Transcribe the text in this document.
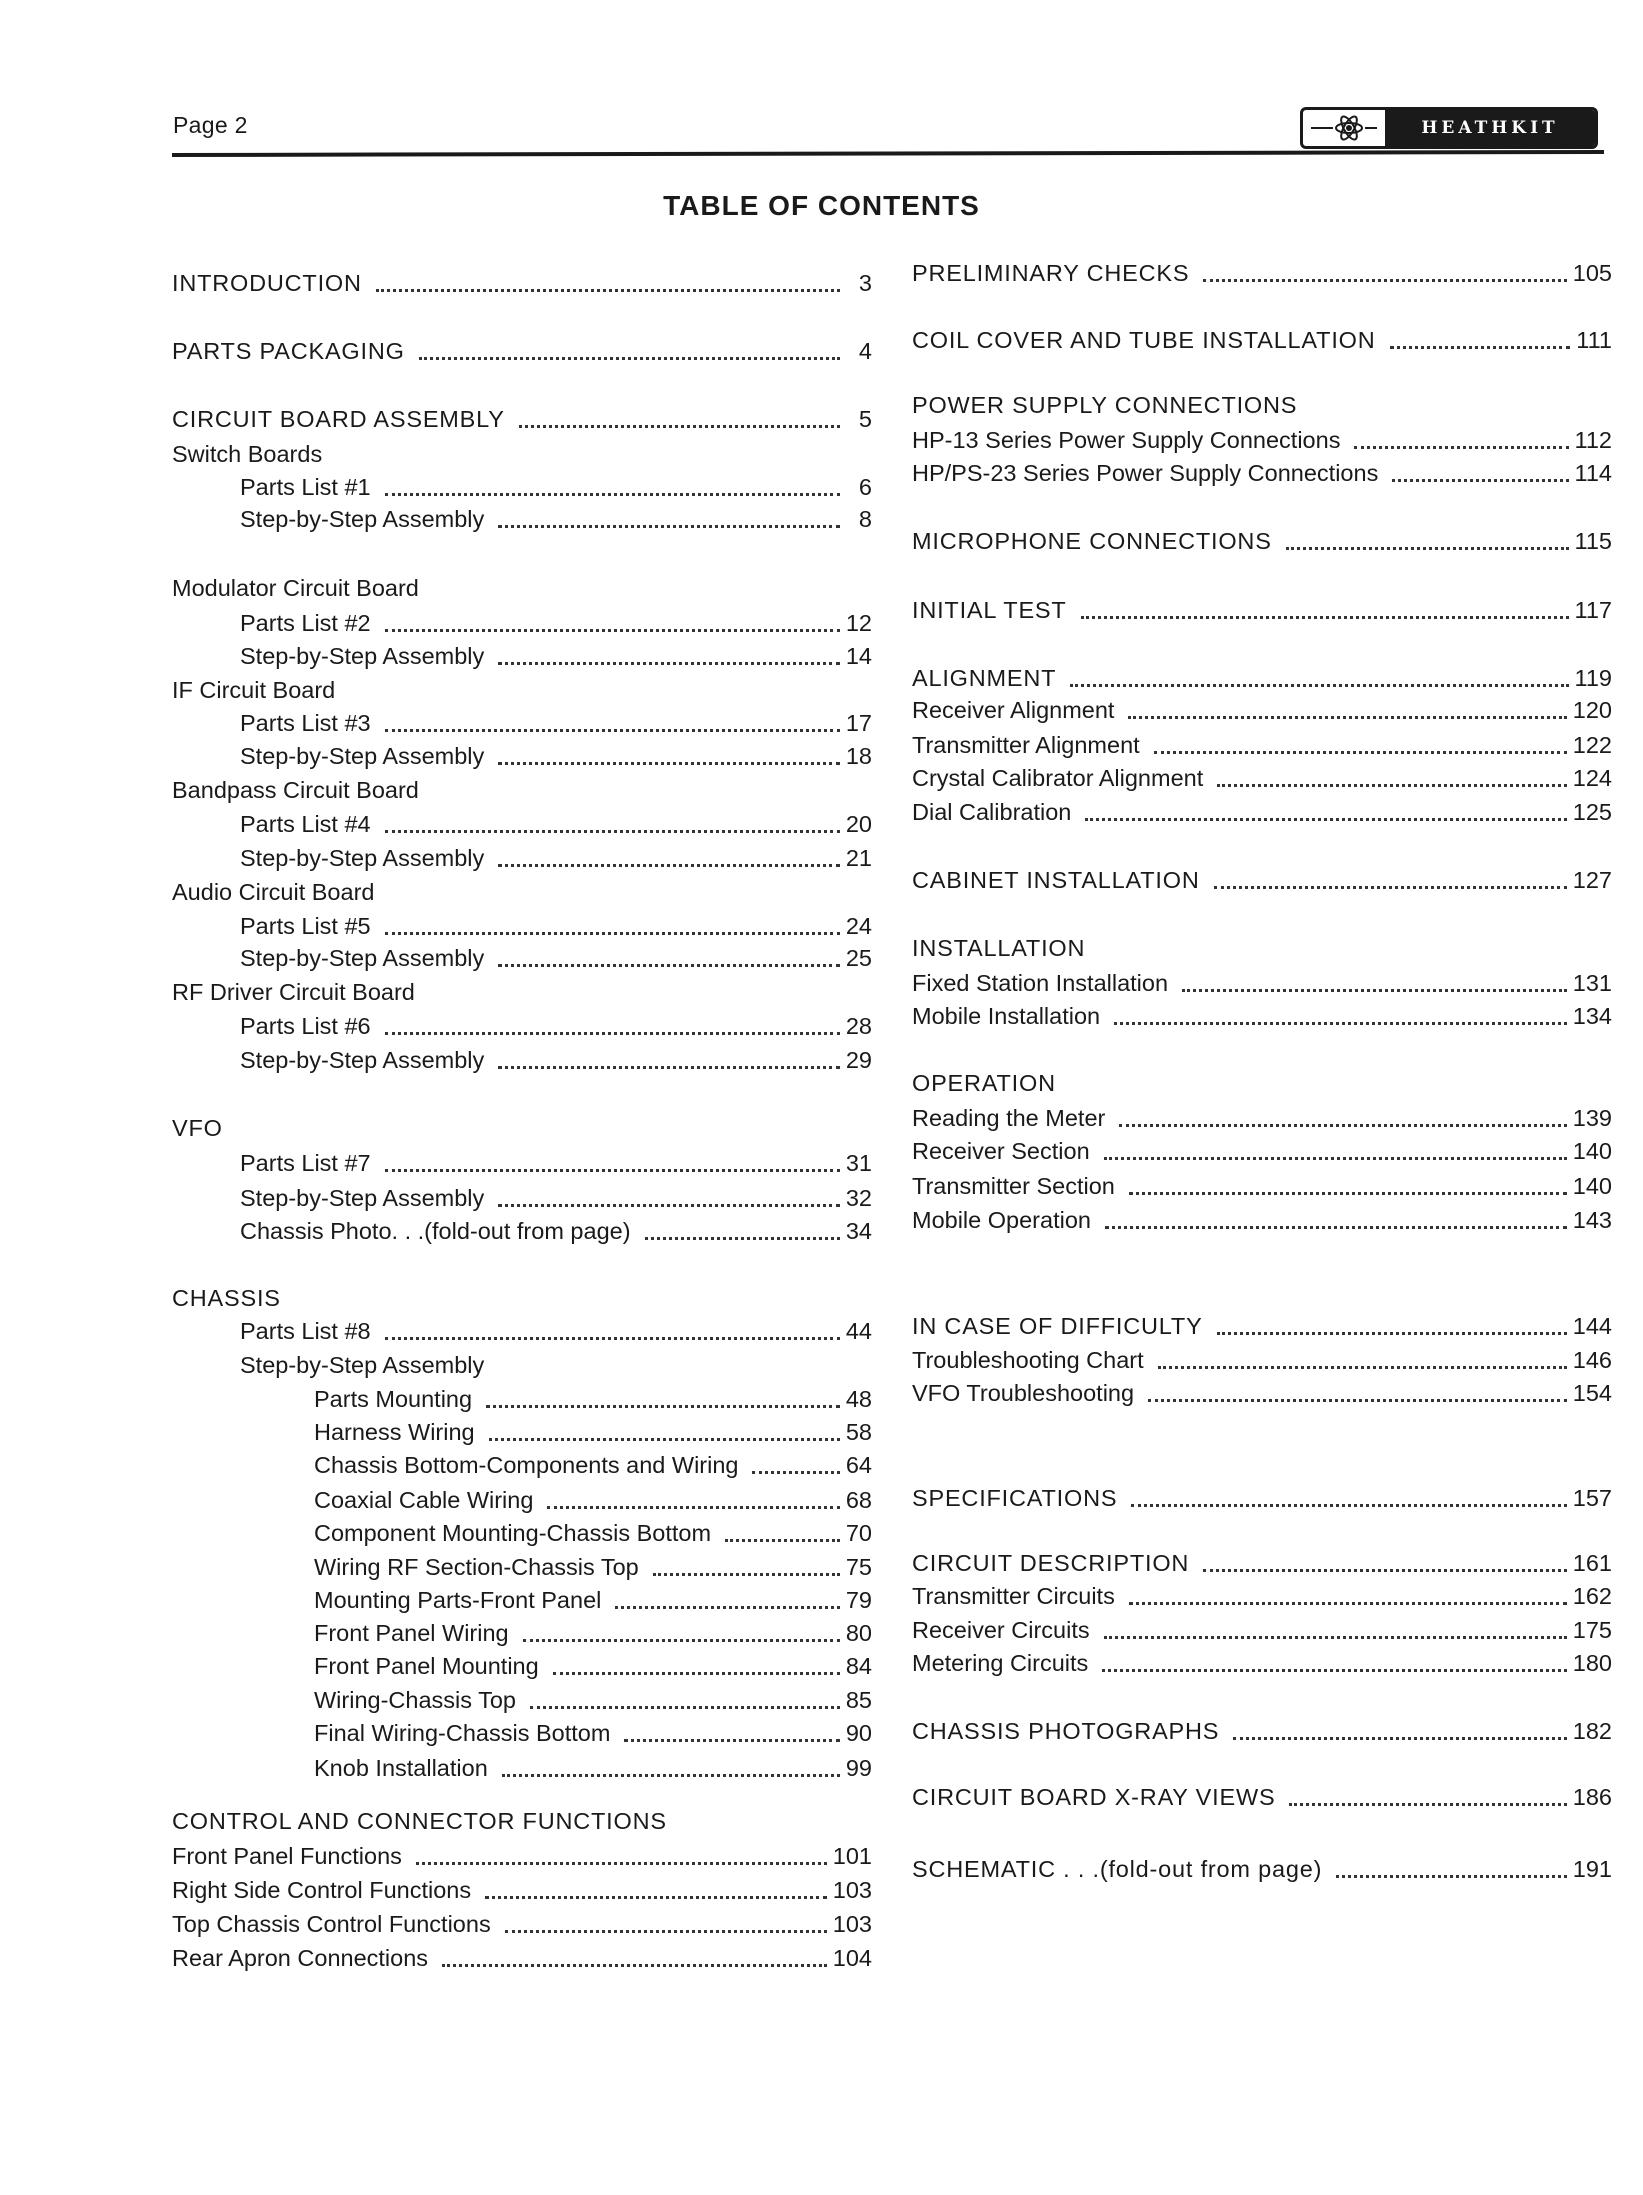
Page 2	HEATHKIT
TABLE OF CONTENTS
INTRODUCTION	3
PARTS PACKAGING	4
CIRCUIT BOARD ASSEMBLY	5
Switch Boards
Parts List #1	6
Step-by-Step Assembly	8
Modulator Circuit Board
Parts List #2	12
Step-by-Step Assembly	14
IF Circuit Board
Parts List #3	17
Step-by-Step Assembly	18
Bandpass Circuit Board
Parts List #4	20
Step-by-Step Assembly	21
Audio Circuit Board
Parts List #5	24
Step-by-Step Assembly	25
RF Driver Circuit Board
Parts List #6	28
Step-by-Step Assembly	29
VFO
Parts List #7	31
Step-by-Step Assembly	32
Chassis Photo. . .(fold-out from page)	34
CHASSIS
Parts List #8	44
Step-by-Step Assembly
Parts Mounting	48
Harness Wiring	58
Chassis Bottom-Components and Wiring	64
Coaxial Cable Wiring	68
Component Mounting-Chassis Bottom	70
Wiring RF Section-Chassis Top	75
Mounting Parts-Front Panel	79
Front Panel Wiring	80
Front Panel Mounting	84
Wiring-Chassis Top	85
Final Wiring-Chassis Bottom	90
Knob Installation	99
CONTROL AND CONNECTOR FUNCTIONS
Front Panel Functions	101
Right Side Control Functions	103
Top Chassis Control Functions	103
Rear Apron Connections	104
PRELIMINARY CHECKS	105
COIL COVER AND TUBE INSTALLATION	111
POWER SUPPLY CONNECTIONS
HP-13 Series Power Supply Connections	112
HP/PS-23 Series Power Supply Connections	114
MICROPHONE CONNECTIONS	115
INITIAL TEST	117
ALIGNMENT	119
Receiver Alignment	120
Transmitter Alignment	122
Crystal Calibrator Alignment	124
Dial Calibration	125
CABINET INSTALLATION	127
INSTALLATION
Fixed Station Installation	131
Mobile Installation	134
OPERATION
Reading the Meter	139
Receiver Section	140
Transmitter Section	140
Mobile Operation	143
IN CASE OF DIFFICULTY	144
Troubleshooting Chart	146
VFO Troubleshooting	154
SPECIFICATIONS	157
CIRCUIT DESCRIPTION	161
Transmitter Circuits	162
Receiver Circuits	175
Metering Circuits	180
CHASSIS PHOTOGRAPHS	182
CIRCUIT BOARD X-RAY VIEWS	186
SCHEMATIC . . .(fold-out from page)	191
